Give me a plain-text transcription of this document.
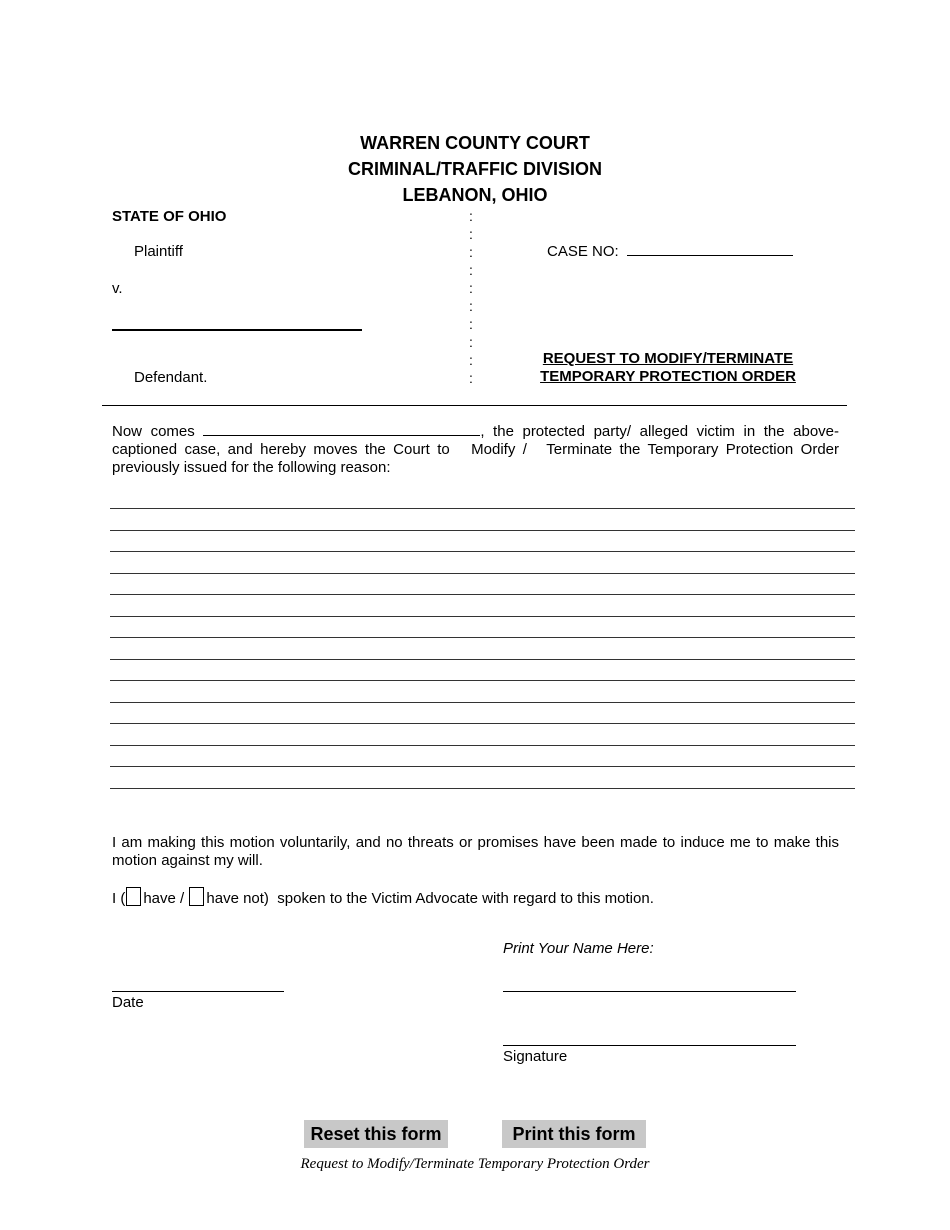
WARREN COUNTY COURT
CRIMINAL/TRAFFIC DIVISION
LEBANON, OHIO
STATE OF OHIO
Plaintiff
v.
Defendant.
:
:
:
:
:
:
:
:
:
:
CASE NO:
REQUEST TO MODIFY/TERMINATE
TEMPORARY PROTECTION ORDER
Now comes	, the protected party/ alleged victim in the above-captioned case, and hereby moves the Court to Modify / Terminate the Temporary Protection Order previously issued for the following reason:
I am making this motion voluntarily, and no threats or promises have been made to induce me to make this motion against my will.
I ( have / have not) spoken to the Victim Advocate with regard to this motion.
Print Your Name Here:
Date
Signature
Reset this form	Print this form
Request to Modify/Terminate Temporary Protection Order
